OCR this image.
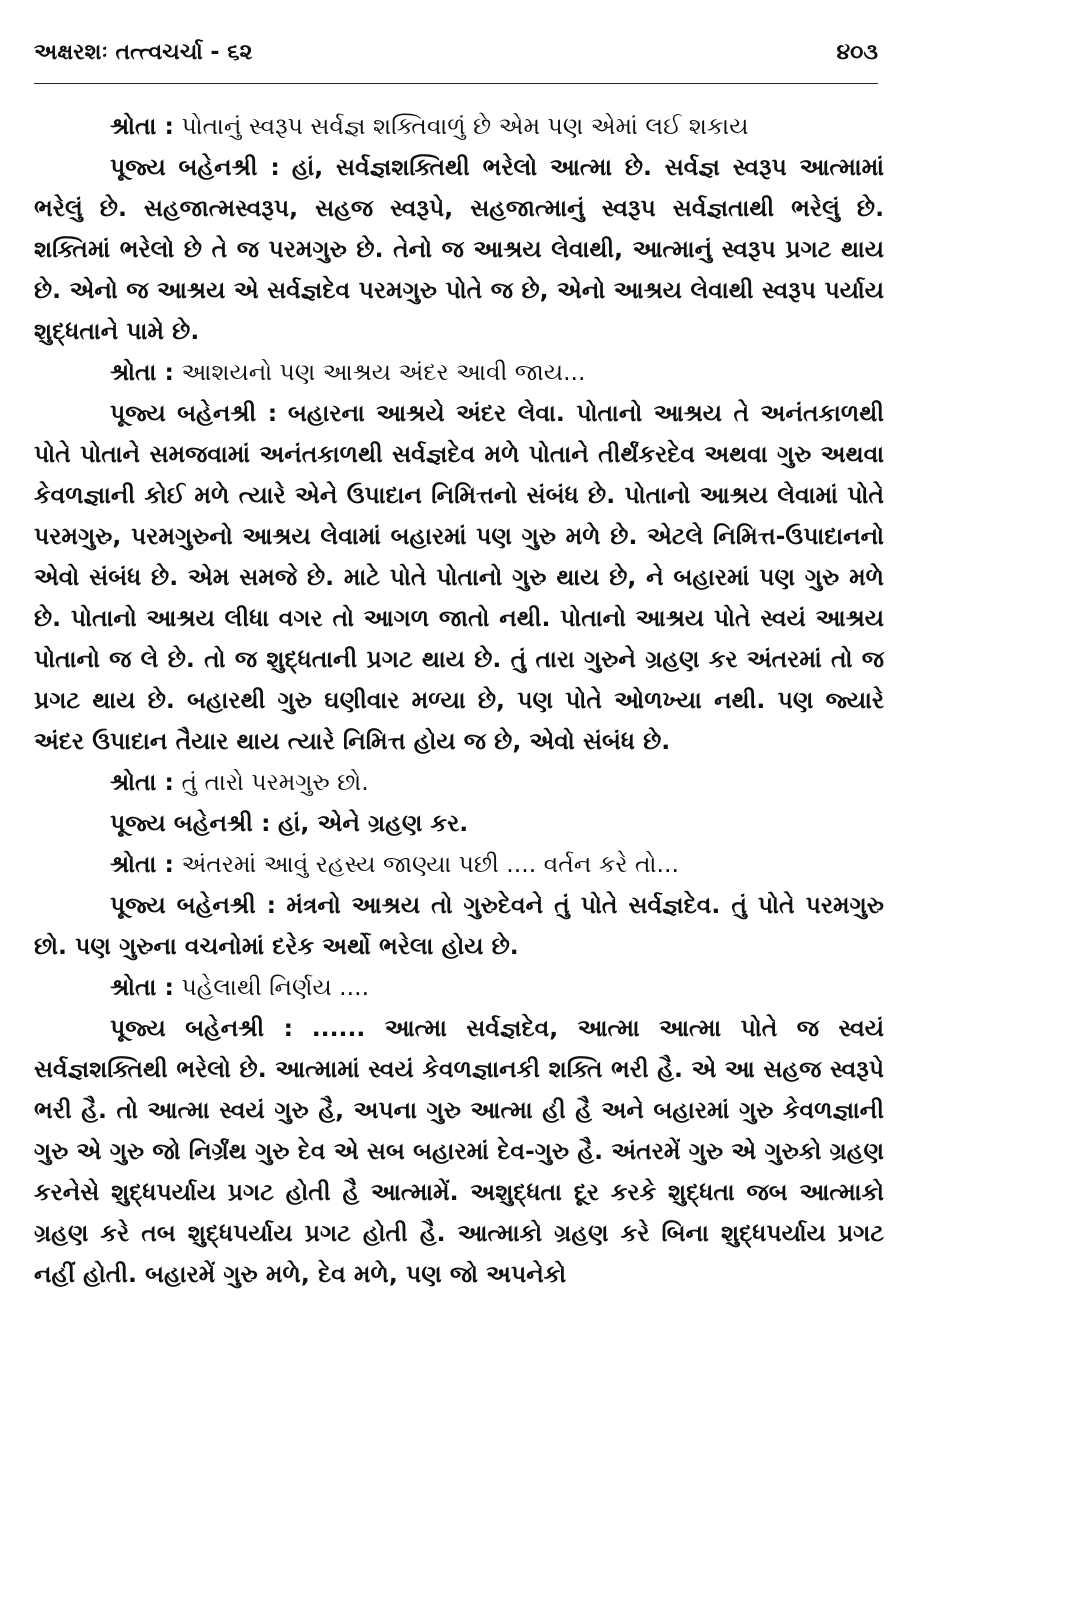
અક્ષરશઃ તત્ત્વચર્ચા - ૬૨	૪૦૩

શ્રોતા : પોતાનું સ્વરૂપ સર્વજ્ઞ શક્તિવાળું છે એમ પણ એમાં લઈ શકાય

પૂજ્ય બહેનશ્રી : હાં, સર્વજ્ઞશક્તિથી ભરેલો આત્મા છે. સર્વજ્ઞ સ્વરૂપ આત્મામાં ભરેલું છે. સહજાત્મસ્વરૂપ, સહજ સ્વરૂપે, સહજાત્માનું સ્વરૂપ સર્વજ્ઞતાથી ભરેલું છે. શક્તિમાં ભરેલો છે તે જ પરમગુરુ છે. તેનો જ આશ્રય લેવાથી, આત્માનું સ્વરૂપ પ્રગટ થાય છે. એનો જ આશ્રય એ સર્વજ્ઞદેવ પરમગુરુ પોતે જ છે, એનો આશ્રય લેવાથી સ્વરૂપ પર્યાય શુદ્ધતાને પામે છે.

શ્રોતા : આશયનો પણ આશ્રય અંદર આવી જાય...

પૂજ્ય બહેનશ્રી : બહારના આશ્રયે અંદર લેવા. પોતાનો આશ્રય તે અનંતકાળથી પોતે પોતાને સમજવામાં અનંતકાળથી સર્વજ્ઞદેવ મળે પોતાને તીર્થંકરદેવ અથવા ગુરુ અથવા કેવળજ્ઞાની કોઈ મળે ત્યારે એને ઉપાદાન નિમિત્તનો સંબંધ છે. પોતાનો આશ્રય લેવામાં પોતે પરમગુરુ, પરમગુરુનો આશ્રય લેવામાં બહારમાં પણ ગુરુ મળે છે. એટલે નિમિત્ત-ઉપાદાનનો એવો સંબંધ છે. એમ સમજે છે. માટે પોતે પોતાનો ગુરુ થાય છે, ને બહારમાં પણ ગુરુ મળે છે. પોતાનો આશ્રય લીધા વગર તો આગળ જાતો નથી. પોતાનો આશ્રય પોતે સ્વયં આશ્રય પોતાનો જ લે છે. તો જ શુદ્ધતાની પ્રગટ થાય છે. તું તારા ગુરુને ગ્રહણ કર અંતરમાં તો જ પ્રગટ થાય છે. બહારથી ગુરુ ઘણીવાર મળ્યા છે, પણ પોતે ઓળખ્યા નથી. પણ જ્યારે અંદર ઉપાદાન તૈયાર થાય ત્યારે નિમિત્ત હોય જ છે, એવો સંબંધ છે.

શ્રોતા : તું તારો પરમગુરુ છો.

પૂજ્ય બહેનશ્રી : હાં, એને ગ્રહણ કર.

શ્રોતા : અંતરમાં આવું રહસ્ય જાણ્યા પછી .... વર્તન કરે તો...

પૂજ્ય બહેનશ્રી : મંત્રનો આશ્રય તો ગુરુદેવને તું પોતે સર્વજ્ઞદેવ. તું પોતે પરમગુરુ છો. પણ ગુરુના વચનોમાં દરેક અર્થો ભરેલા હોય છે.

શ્રોતા : પહેલાથી નિર્ણય ....

પૂજ્ય બહેનશ્રી : ...... આત્મા સર્વજ્ઞદેવ, આત્મા આત્મા પોતે જ સ્વયં સર્વજ્ઞશક્તિથી ભરેલો છે. આત્મામાં સ્વયં કેવળજ્ઞાનકી શક્તિ ભરી હૈ. એ આ સહજ સ્વરૂપે ભરી હૈ. તો આત્મા સ્વયં ગુરુ હૈ, અપના ગુરુ આત્મા હી હૈ અને બહારમાં ગુરુ કેવળજ્ઞાની ગુરુ એ ગુરુ જો નિર્ગ્રંથ ગુરુ દેવ એ સબ બહારમાં દેવ-ગુરુ હૈ. અંતરમેં ગુરુ એ ગુરુકો ગ્રહણ કરનેસે શુદ્ધપર્યાય પ્રગટ હોતી હૈ આત્મામેં. અશુદ્ધતા દૂર કરકે શુદ્ધતા જબ આત્માકો ગ્રહણ કરે તબ શુદ્ધપર્યાય પ્રગટ હોતી હૈ. આત્માકો ગ્રહણ કરે બિના શુદ્ધપર્યાય પ્રગટ નહીં હોતી. બહારમેં ગુરુ મળે, દેવ મળે, પણ જો અપનેકો
